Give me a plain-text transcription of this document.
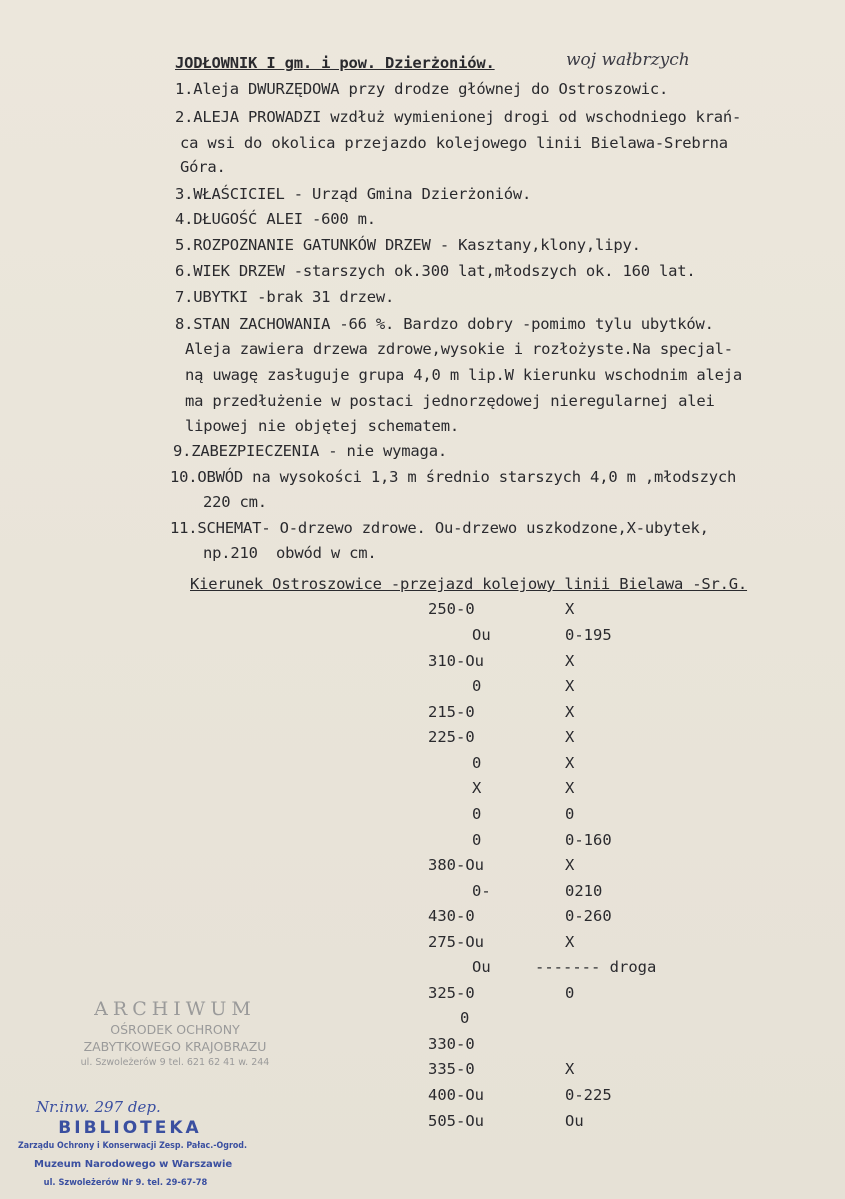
JODŁOWNIK I gm. i pow. Dzierżoniów.	woj wałbrzych
1.Aleja DWURZĘDOWA przy drodze głównej do Ostroszowic.
2.ALEJA PROWADZI wzdłuż wymienionej drogi od wschodniego krań-
ca wsi do okolica przejazdo kolejowego linii Bielawa-Srebrna
Góra.
3.WŁAŚCICIEL - Urząd Gmina Dzierżoniów.
4.DŁUGOŚĆ ALEI -600 m.
5.ROZPOZNANIE GATUNKÓW DRZEW - Kasztany,klony,lipy.
6.WIEK DRZEW -starszych ok.300 lat,młodszych ok. 160 lat.
7.UBYTKI -brak 31 drzew.
8.STAN ZACHOWANIA -66 %. Bardzo dobry -pomimo tylu ubytków.
Aleja zawiera drzewa zdrowe,wysokie i rozłożyste.Na specjal-
ną uwagę zasługuje grupa 4,0 m lip.W kierunku wschodnim aleja
ma przedłużenie w postaci jednorzędowej nieregularnej alei
lipowej nie objętej schematem.
9.ZABEZPIECZENIA - nie wymaga.
10.OBWÓD na wysokości 1,3 m średnio starszych 4,0 m ,młodszych
220 cm.
11.SCHEMAT- O-drzewo zdrowe. Ou-drzewo uszkodzone,X-ubytek,
np.210  obwód w cm.
Kierunek Ostroszowice -przejazd kolejowy linii Bielawa -Sr.G.
250-0	X
Ou	0-195
310-Ou	X
0	X
215-0	X
225-0	X
0	X
X	X
0	0
0	0-160
380-Ou	X
0-	0210
430-0	0-260
275-Ou	X
Ou	------- droga
325-0	0
0
330-0
335-0	X
400-Ou	0-225
505-Ou	Ou
ARCHIWUM
OŚRODEK OCHRONY
ZABYTKOWEGO KRAJOBRAZU
ul. Szwoleżerów 9 tel. 621 62 41 w. 244
Nr.inw. 297 dep.
BIBLIOTEKA
Zarządu Ochrony i Konserwacji Zesp. Pałac.-Ogrod.
Muzeum Narodowego w Warszawie
ul. Szwoleżerów Nr 9. tel. 29-67-78
